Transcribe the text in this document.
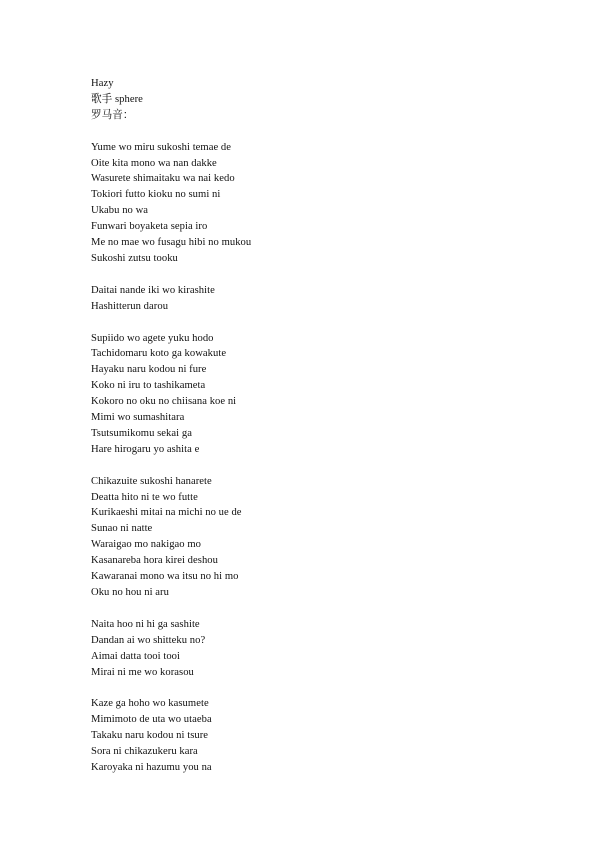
Hazy
歌手 sphere
罗马音：
Yume wo miru sukoshi temae de
Oite kita mono wa nan dakke
Wasurete shimaitaku wa nai kedo
Tokiori futto kioku no sumi ni
Ukabu no wa
Funwari boyaketa sepia iro
Me no mae wo fusagu hibi no mukou
Sukoshi zutsu tooku
Daitai nande iki wo kirashite
Hashitterun darou
Supiido wo agete yuku hodo
Tachidomaru koto ga kowakute
Hayaku naru kodou ni fure
Koko ni iru to tashikameta
Kokoro no oku no chiisana koe ni
Mimi wo sumashitara
Tsutsumikomu sekai ga
Hare hirogaru yo ashita e
Chikazuite sukoshi hanarete
Deatta hito ni te wo futte
Kurikaeshi mitai na michi no ue de
Sunao ni natte
Waraigao mo nakigao mo
Kasanareba hora kirei deshou
Kawaranai mono wa itsu no hi mo
Oku no hou ni aru
Naita hoo ni hi ga sashite
Dandan ai wo shitteku no?
Aimai datta tooi tooi
Mirai ni me wo korasou
Kaze ga hoho wo kasumete
Mimimoto de uta wo utaeba
Takaku naru kodou ni tsure
Sora ni chikazukeru kara
Karoyaka ni hazumu you na
